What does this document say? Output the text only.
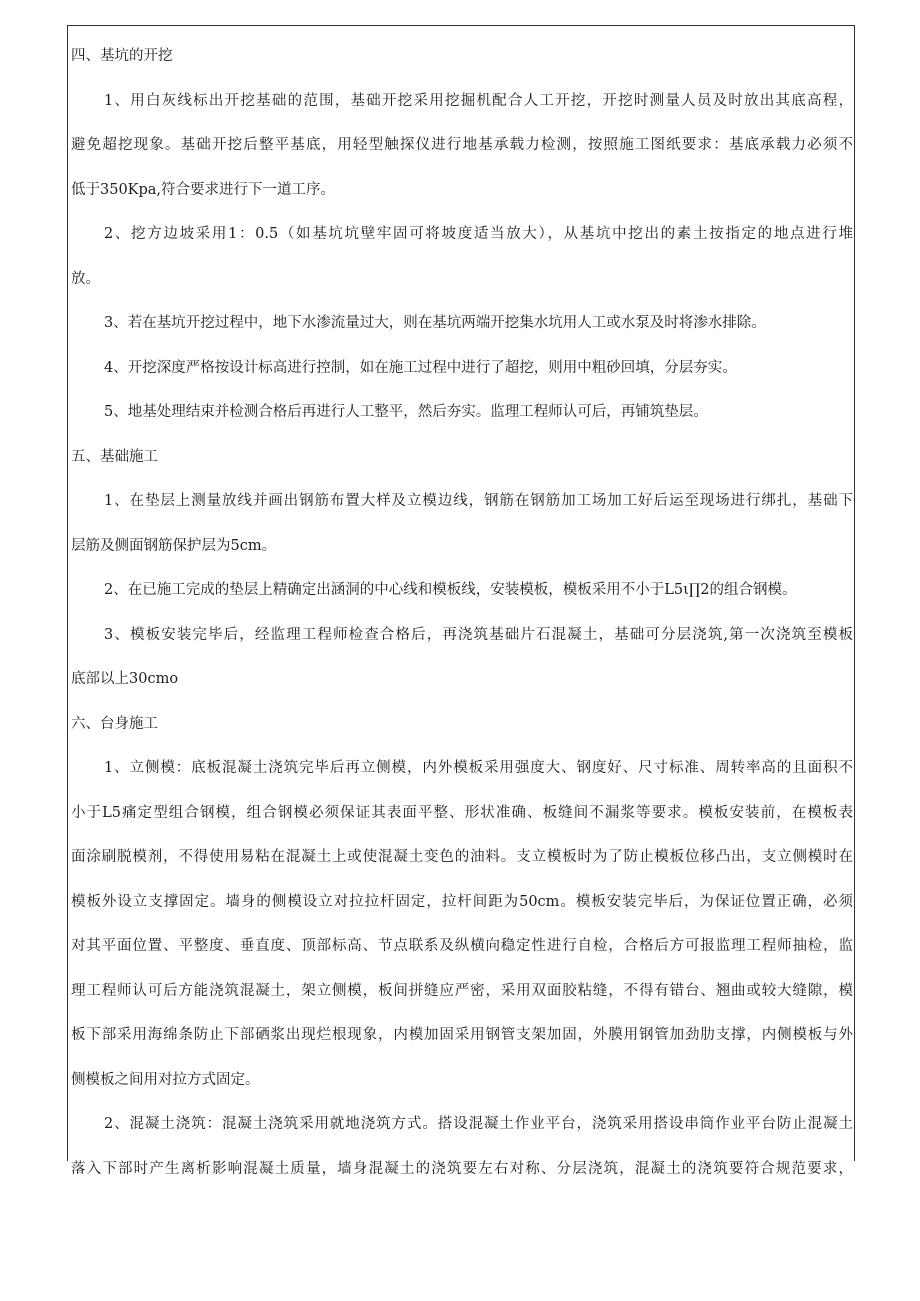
四、基坑的开挖
1、用白灰线标出开挖基础的范围，基础开挖采用挖掘机配合人工开挖，开挖时测量人员及时放出其底高程，
避免超挖现象。基础开挖后整平基底，用轻型触探仪进行地基承载力检测，按照施工图纸要求：基底承载力必须不
低于350Kpa,符合要求进行下一道工序。
2、挖方边坡采用1：0.5（如基坑坑壁牢固可将坡度适当放大），从基坑中挖出的素土按指定的地点进行堆
放。
3、若在基坑开挖过程中，地下水渗流量过大，则在基坑两端开挖集水坑用人工或水泵及时将渗水排除。
4、开挖深度严格按设计标高进行控制，如在施工过程中进行了超挖，则用中粗砂回填，分层夯实。
5、地基处理结束并检测合格后再进行人工整平，然后夯实。监理工程师认可后，再铺筑垫层。
五、基础施工
1、在垫层上测量放线并画出钢筋布置大样及立模边线，钢筋在钢筋加工场加工好后运至现场进行绑扎，基础下
层筋及侧面钢筋保护层为5cm。
2、在已施工完成的垫层上精确定出涵洞的中心线和模板线，安装模板，模板采用不小于L5ι∏2的组合钢模。
3、模板安装完毕后，经监理工程师检查合格后，再浇筑基础片石混凝土，基础可分层浇筑,第一次浇筑至模板
底部以上30cmo
六、台身施工
1、立侧模：底板混凝土浇筑完毕后再立侧模，内外模板采用强度大、钢度好、尺寸标准、周转率高的且面积不
小于L5痛定型组合钢模，组合钢模必须保证其表面平整、形状准确、板缝间不漏浆等要求。模板安装前，在模板表
面涂刷脱模剂，不得使用易粘在混凝土上或使混凝土变色的油料。支立模板时为了防止模板位移凸出，支立侧模时在
模板外设立支撑固定。墙身的侧模设立对拉拉杆固定，拉杆间距为50cm。模板安装完毕后，为保证位置正确，必须
对其平面位置、平整度、垂直度、顶部标高、节点联系及纵横向稳定性进行自检，合格后方可报监理工程师抽检，监
理工程师认可后方能浇筑混凝土，架立侧模，板间拼缝应严密，采用双面胶粘缝，不得有错台、翘曲或较大缝隙，模
板下部采用海绵条防止下部硒浆出现烂根现象，内模加固采用钢管支架加固，外膜用钢管加劲肋支撑，内侧模板与外
侧模板之间用对拉方式固定。
2、混凝土浇筑：混凝土浇筑采用就地浇筑方式。搭设混凝土作业平台，浇筑采用搭设串筒作业平台防止混凝土
落入下部时产生离析影响混凝土质量，墙身混凝土的浇筑要左右对称、分层浇筑，混凝土的浇筑要符合规范要求，
